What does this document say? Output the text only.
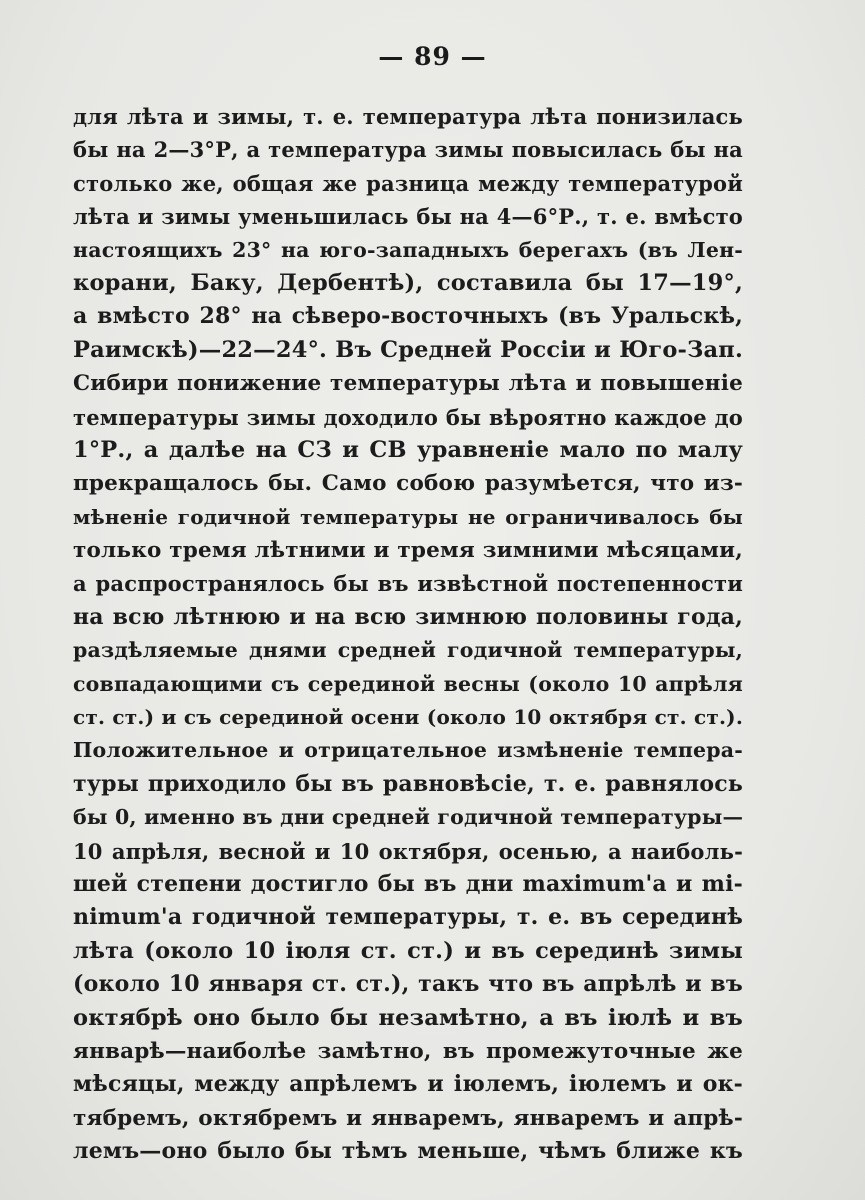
— 89 —
для лѣта и зимы, т. е. температура лѣта понизилась
бы на 2—3°Р, а температура зимы повысилась бы на
столько же, общая же разница между температурой
лѣта и зимы уменьшилась бы на 4—6°Р., т. е. вмѣсто
настоящихъ 23° на юго-западныхъ берегахъ (въ Лен-
корани, Баку, Дербентѣ), составила бы 17—19°,
а вмѣсто 28° на сѣверо-восточныхъ (въ Уральскѣ,
Раимскѣ)—22—24°. Въ Средней Россіи и Юго-Зап.
Сибири понижение температуры лѣта и повышеніе
температуры зимы доходило бы вѣроятно каждое до
1°Р., а далѣе на СЗ и СВ уравненіе мало по малу
прекращалось бы. Само собою разумѣется, что из-
мѣненіе годичной температуры не ограничивалось бы
только тремя лѣтними и тремя зимними мѣсяцами,
а распространялось бы въ извѣстной постепенности
на всю лѣтнюю и на всю зимнюю половины года,
раздѣляемые днями средней годичной температуры,
совпадающими съ серединой весны (около 10 апрѣля
ст. ст.) и съ серединой осени (около 10 октября ст. ст.).
Положительное и отрицательное измѣненіе темпера-
туры приходило бы въ равновѣсіе, т. е. равнялось
бы 0, именно въ дни средней годичной температуры—
10 апрѣля, весной и 10 октября, осенью, а наиболь-
шей степени достигло бы въ дни maximum'а и mi-
nimum'а годичной температуры, т. е. въ серединѣ
лѣта (около 10 іюля ст. ст.) и въ серединѣ зимы
(около 10 января ст. ст.), такъ что въ апрѣлѣ и въ
октябрѣ оно было бы незамѣтно, а въ іюлѣ и въ
январѣ—наиболѣе замѣтно, въ промежуточные же
мѣсяцы, между апрѣлемъ и іюлемъ, іюлемъ и ок-
тябремъ, октябремъ и январемъ, январемъ и апрѣ-
лемъ—оно было бы тѣмъ меньше, чѣмъ ближе къ
